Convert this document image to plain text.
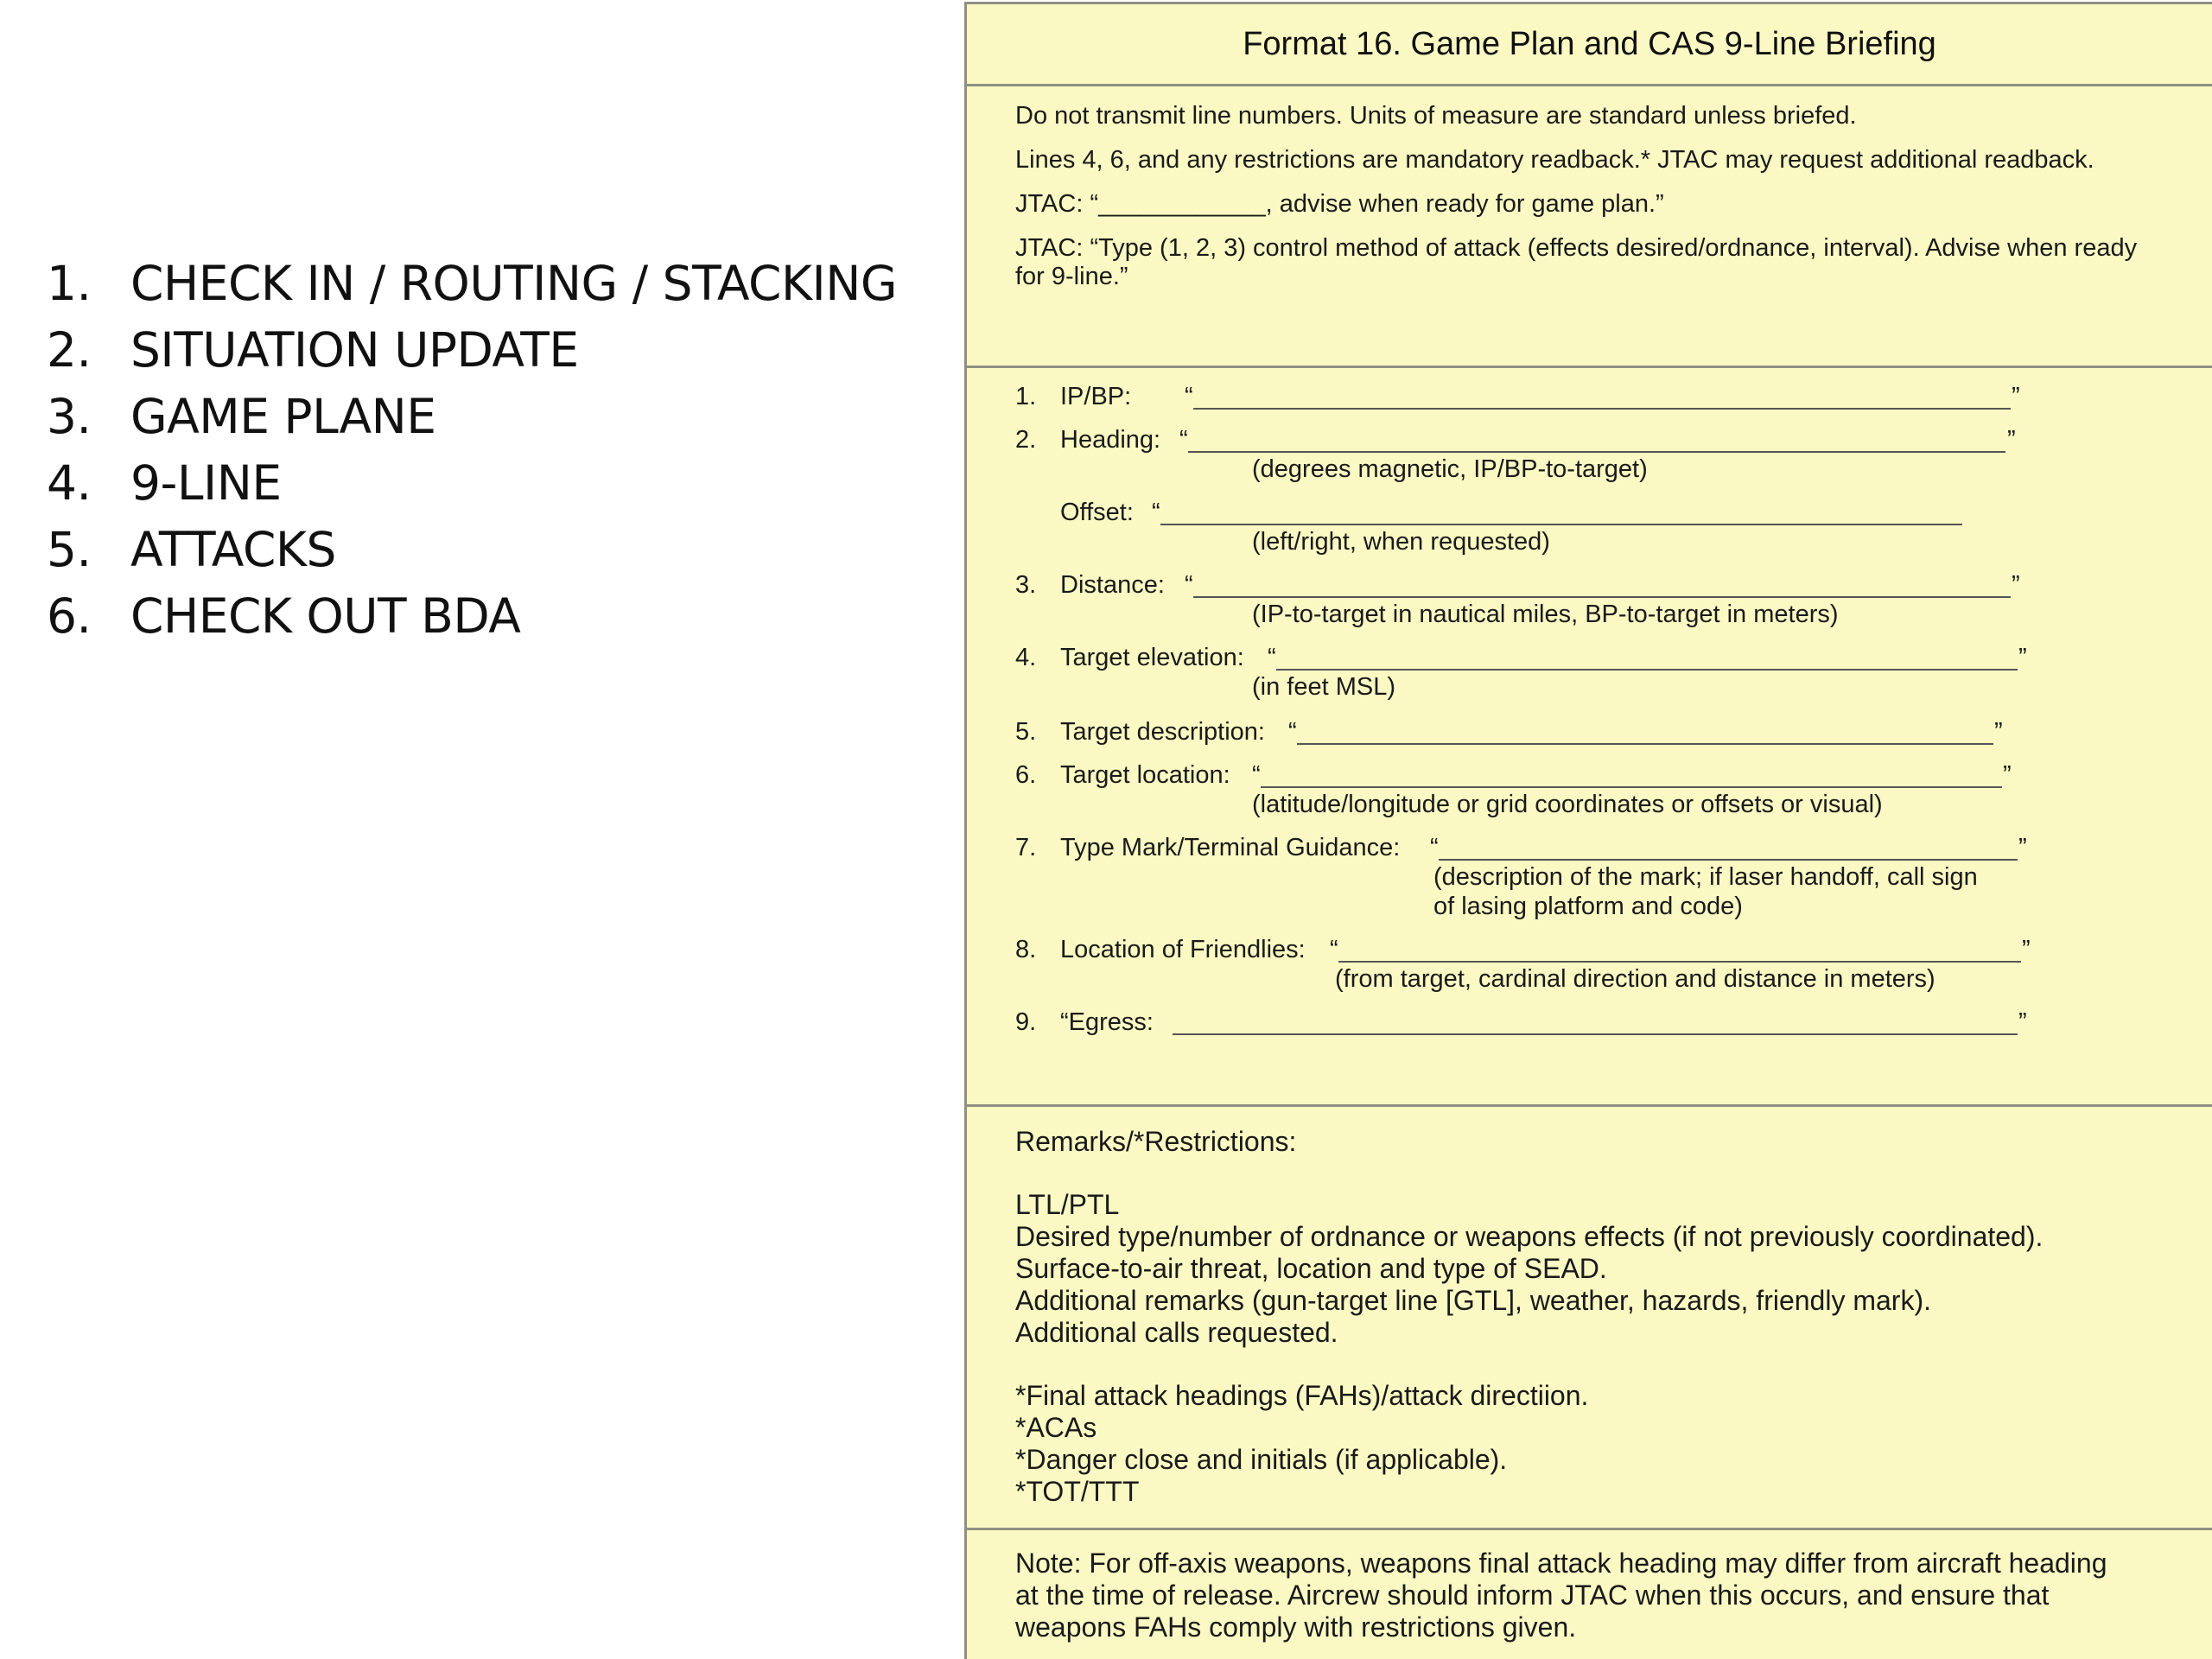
1. CHECK IN / ROUTING / STACKING
2. SITUATION UPDATE
3. GAME PLANE
4. 9-LINE
5. ATTACKS
6. CHECK OUT BDA
Format 16. Game Plan and CAS 9-Line Briefing

Do not transmit line numbers. Units of measure are standard unless briefed.

Lines 4, 6, and any restrictions are mandatory readback.* JTAC may request additional readback.

JTAC: “____________, advise when ready for game plan.”

JTAC: “Type (1, 2, 3) control method of attack (effects desired/ordnance, interval). Advise when ready for 9-line.”

1. IP/BP: “	”
2. Heading: “	”
(degrees magnetic, IP/BP-to-target)
Offset: “
(left/right, when requested)
3. Distance: “	”
(IP-to-target in nautical miles, BP-to-target in meters)
4. Target elevation: “	”
(in feet MSL)
5. Target description: “	”
6. Target location: “	”
(latitude/longitude or grid coordinates or offsets or visual)
7. Type Mark/Terminal Guidance: “	”
(description of the mark; if laser handoff, call sign
of lasing platform and code)
8. Location of Friendlies: “	”
(from target, cardinal direction and distance in meters)
9. “Egress:	”
Remarks/*Restrictions:
LTL/PTL
Desired type/number of ordnance or weapons effects (if not previously coordinated).
Surface-to-air threat, location and type of SEAD.
Additional remarks (gun-target line [GTL], weather, hazards, friendly mark).
Additional calls requested.
*Final attack headings (FAHs)/attack directiion.
*ACAs
*Danger close and initials (if applicable).
*TOT/TTT

Note: For off-axis weapons, weapons final attack heading may differ from aircraft heading at the time of release. Aircrew should inform JTAC when this occurs, and ensure that weapons FAHs comply with restrictions given.
